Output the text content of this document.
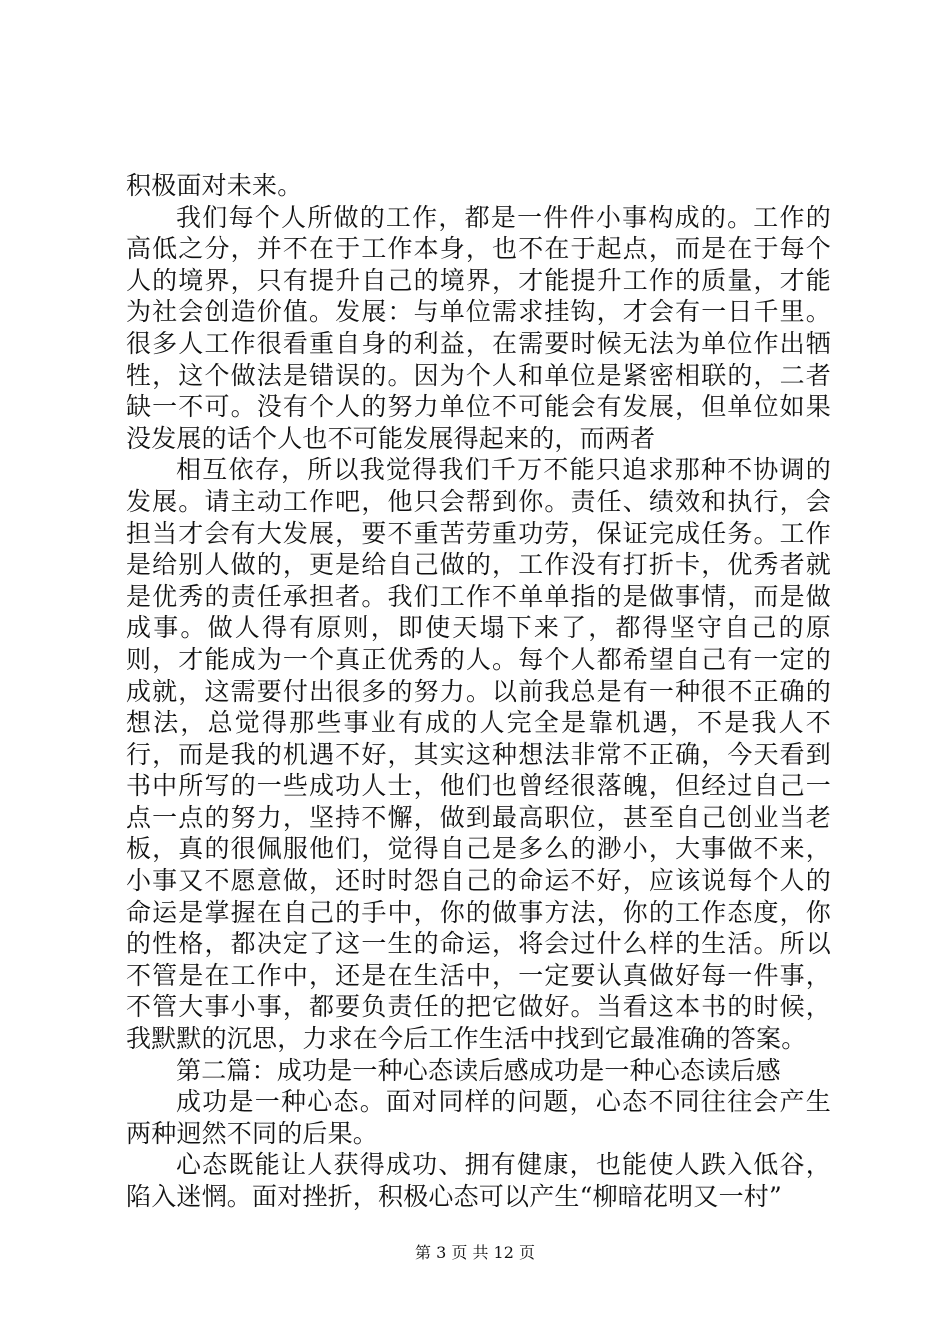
积极面对未来。

我们每个人所做的工作，都是一件件小事构成的。工作的高低之分，并不在于工作本身，也不在于起点，而是在于每个人的境界，只有提升自己的境界，才能提升工作的质量，才能为社会创造价值。发展：与单位需求挂钩，才会有一日千里。很多人工作很看重自身的利益，在需要时候无法为单位作出牺牲，这个做法是错误的。因为个人和单位是紧密相联的，二者缺一不可。没有个人的努力单位不可能会有发展，但单位如果没发展的话个人也不可能发展得起来的，而两者

相互依存，所以我觉得我们千万不能只追求那种不协调的发展。请主动工作吧，他只会帮到你。责任、绩效和执行，会担当才会有大发展，要不重苦劳重功劳，保证完成任务。工作是给别人做的，更是给自己做的，工作没有打折卡，优秀者就是优秀的责任承担者。我们工作不单单指的是做事情，而是做成事。做人得有原则，即使天塌下来了，都得坚守自己的原则，才能成为一个真正优秀的人。每个人都希望自己有一定的成就，这需要付出很多的努力。以前我总是有一种很不正确的想法，总觉得那些事业有成的人完全是靠机遇，不是我人不行，而是我的机遇不好，其实这种想法非常不正确，今天看到书中所写的一些成功人士，他们也曾经很落魄，但经过自己一点一点的努力，坚持不懈，做到最高职位，甚至自己创业当老板，真的很佩服他们，觉得自己是多么的渺小，大事做不来，小事又不愿意做，还时时怨自己的命运不好，应该说每个人的命运是掌握在自己的手中，你的做事方法，你的工作态度，你的性格，都决定了这一生的命运，将会过什么样的生活。所以不管是在工作中，还是在生活中，一定要认真做好每一件事，不管大事小事，都要负责任的把它做好。当看这本书的时候，我默默的沉思，力求在今后工作生活中找到它最准确的答案。

第二篇：成功是一种心态读后感成功是一种心态读后感

成功是一种心态。面对同样的问题，心态不同往往会产生两种迥然不同的后果。

心态既能让人获得成功、拥有健康，也能使人跌入低谷，陷入迷惘。面对挫折，积极心态可以产生“柳暗花明又一村”

第 3 页 共 12 页
